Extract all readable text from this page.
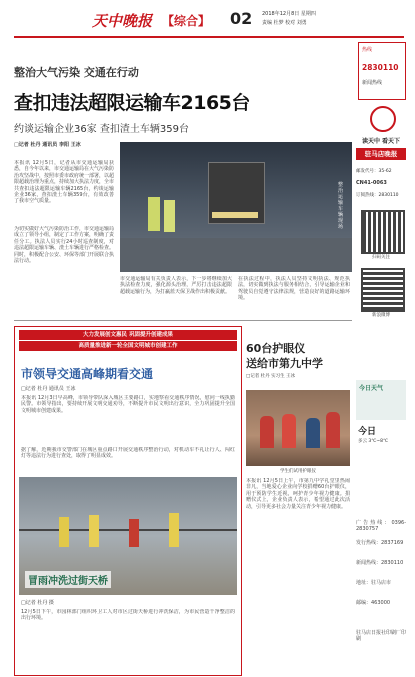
天中晚报 【综合】 02 2018年12月8日 星期四
责编 杜梦 校对 刘勇
整治大气污染 交通在行动
查扣违法超限运输车2165台
约谈运输企业36家 查扣渣土车辆359台
□记者 杜丹 通讯员 李阳 王冰
本报讯 12月5日，记者从市交通运输局获悉，自今年以来，市交通运输局在大气污染防治攻坚战中，按照市委市政府统一部署，以超限超载治理为重点，持续加大执法力度，全市共查扣违法超限运输车辆2165台，约谈运输企业36家，查扣渣土车辆359台，有效改善了我市空气质量。
为切实做好大气污染防治工作，市交通运输局成立了领导小组，制定了工作方案，明确了责任分工。执法人员实行24小时巡查制度，对违法超限运输车辆、渣土车辆进行严格检查。同时，积极配合公安、环保等部门开展联合执法行动。
整治运输车辆现场
市交通运输局有关负责人表示，下一步将继续加大执法检查力度，强化源头治理，严厉打击违法超限超载运输行为，为打赢蓝天保卫战作出积极贡献。
在执法过程中，执法人员坚持文明执法、规范执法，切实做到执法与服务相结合，引导运输企业和驾驶员自觉遵守法律法规，营造良好的道路运输环境。
热线
2830110
新闻热线
读天中 看天下
驻马店晚报
邮发代号：35-62
CN41-0063
订阅热线：2830110
扫码关注
新浪微博
今日天气
今日
多云 3℃~8℃
广告热线：0396-2830757
发行热线：2837169
新闻热线：2830110
地址：驻马店市
邮编：463000
驻马店日报社印刷厂印刷
大力发展创文惠民 巩固提升创建成果
高质量推进新一轮全国文明城市创建工作
市领导交通高峰期看交通
□记者 杜丹 通讯员 王冰
本报讯 12月3日早高峰，市领导带队深入城区主要路口，实地察看交通秩序情况，慰问一线执勤民警。市领导指出，要持续开展文明交通劝导，不断提升市民文明出行意识，全力巩固提升全国文明城市创建成果。
据了解，近期我市交警部门在城区重点路口开展交通秩序整治行动，对机动车不礼让行人、闯红灯等违法行为进行查处，取得了明显成效。
冒雨冲洗过街天桥
□记者 杜丹 摄
12月5日下午，市园林部门组织环卫工人对市区过街天桥进行冲洗保洁，为市民营造干净整洁的出行环境。
60台护眼仪
送给市第九中学
□记者 杜丹 实习生 王冰
学生们试用护眼仪
本报讯 12月5日上午，市第九中学礼堂里热闹非凡，当地爱心企业向学校捐赠60台护眼仪，用于预防学生近视，呵护青少年视力健康。捐赠仪式上，企业负责人表示，希望通过此次活动，引导更多社会力量关注青少年视力健康。
